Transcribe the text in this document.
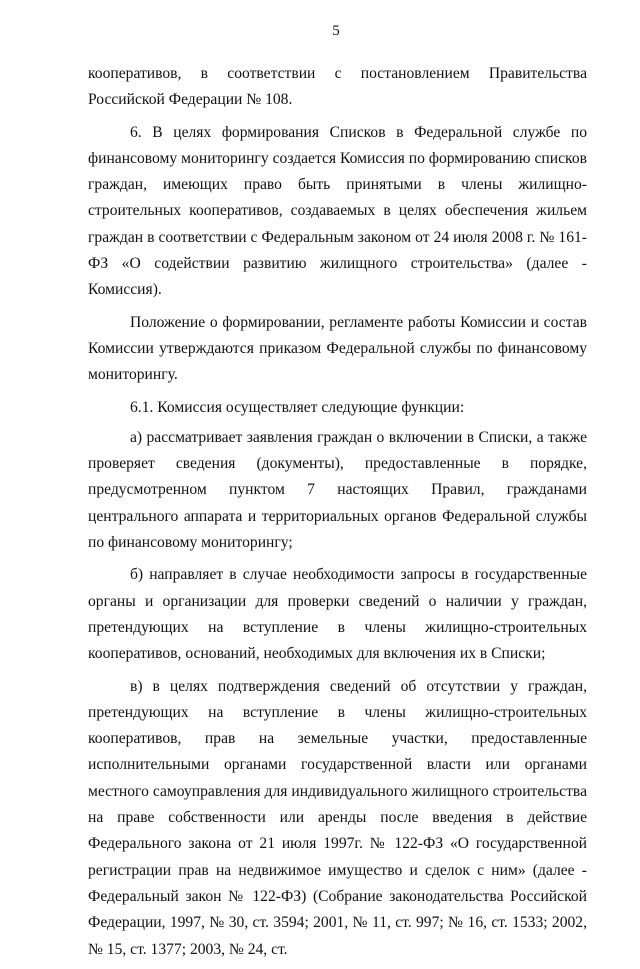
5

кооперативов, в соответствии с постановлением Правительства Российской Федерации № 108.

6. В целях формирования Списков в Федеральной службе по финансовому мониторингу создается Комиссия по формированию списков граждан, имеющих право быть принятыми в члены жилищно-строительных кооперативов, создаваемых в целях обеспечения жильем граждан в соответствии с Федеральным законом от 24 июля 2008 г. № 161-ФЗ «О содействии развитию жилищного строительства» (далее - Комиссия).

Положение о формировании, регламенте работы Комиссии и состав Комиссии утверждаются приказом Федеральной службы по финансовому мониторингу.

6.1. Комиссия осуществляет следующие функции:

а) рассматривает заявления граждан о включении в Списки, а также проверяет сведения (документы), предоставленные в порядке, предусмотренном пунктом 7 настоящих Правил, гражданами центрального аппарата и территориальных органов Федеральной службы по финансовому мониторингу;

б) направляет в случае необходимости запросы в государственные органы и организации для проверки сведений о наличии у граждан, претендующих на вступление в члены жилищно-строительных кооперативов, оснований, необходимых для включения их в Списки;

в) в целях подтверждения сведений об отсутствии у граждан, претендующих на вступление в члены жилищно-строительных кооперативов, прав на земельные участки, предоставленные исполнительными органами государственной власти или органами местного самоуправления для индивидуального жилищного строительства на праве собственности или аренды после введения в действие Федерального закона от 21 июля 1997г. № 122-ФЗ «О государственной регистрации прав на недвижимое имущество и сделок с ним» (далее - Федеральный закон № 122-ФЗ) (Собрание законодательства Российской Федерации, 1997, № 30, ст. 3594; 2001, № 11, ст. 997; № 16, ст. 1533; 2002, № 15, ст. 1377; 2003, № 24, ст.
